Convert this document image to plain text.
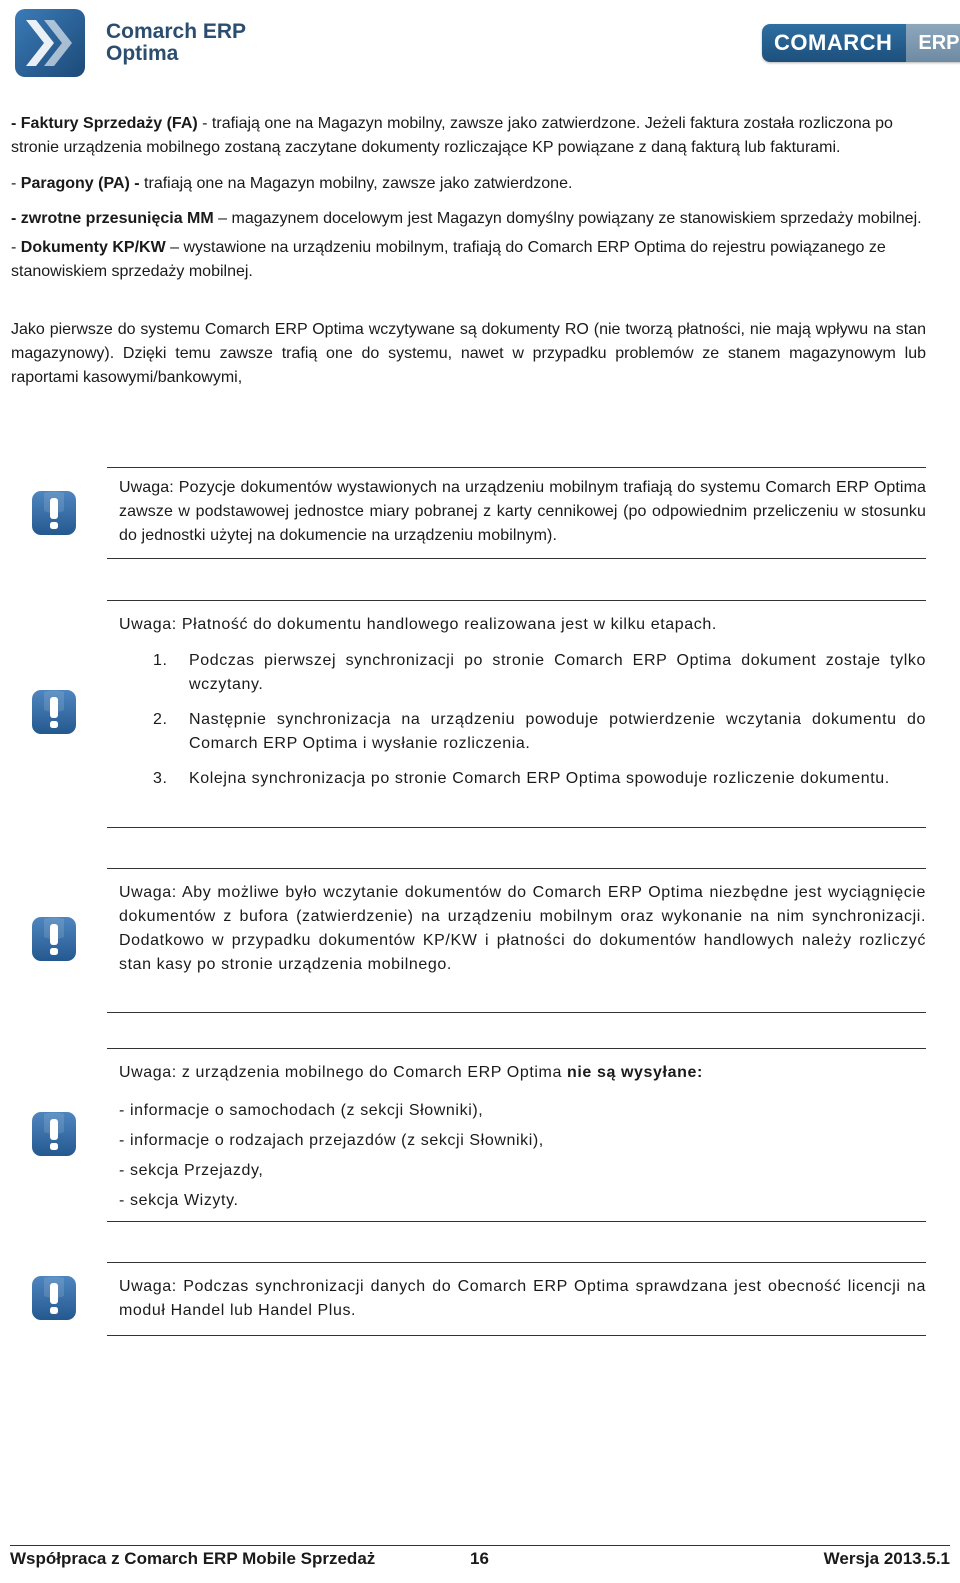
Comarch ERP
Optima	COMARCH	ERP

- Faktury Sprzedaży (FA) - trafiają one na Magazyn mobilny, zawsze jako zatwierdzone. Jeżeli faktura została rozliczona po stronie urządzenia mobilnego zostaną zaczytane dokumenty rozliczające KP powiązane z daną fakturą lub fakturami.

- Paragony (PA) - trafiają one na Magazyn mobilny, zawsze jako zatwierdzone.

- zwrotne przesunięcia MM – magazynem docelowym jest Magazyn domyślny powiązany ze stanowiskiem sprzedaży mobilnej.

- Dokumenty KP/KW – wystawione na urządzeniu mobilnym, trafiają do Comarch ERP Optima do rejestru powiązanego ze stanowiskiem sprzedaży mobilnej.

Jako pierwsze do systemu Comarch ERP Optima wczytywane są dokumenty RO (nie tworzą płatności, nie mają wpływu na stan magazynowy). Dzięki temu zawsze trafią one do systemu, nawet w przypadku problemów ze stanem magazynowym lub raportami kasowymi/bankowymi,

Uwaga: Pozycje dokumentów wystawionych na urządzeniu mobilnym trafiają do systemu Comarch ERP Optima zawsze w podstawowej jednostce miary pobranej z karty cennikowej (po odpowiednim przeliczeniu w stosunku do jednostki użytej na dokumencie na urządzeniu mobilnym).
Uwaga: Płatność do dokumentu handlowego realizowana jest w kilku etapach.
1. Podczas pierwszej synchronizacji po stronie Comarch ERP Optima dokument zostaje tylko wczytany.
2. Następnie synchronizacja na urządzeniu powoduje potwierdzenie wczytania dokumentu do Comarch ERP Optima i wysłanie rozliczenia.
3. Kolejna synchronizacja po stronie Comarch ERP Optima spowoduje rozliczenie dokumentu.
Uwaga: Aby możliwe było wczytanie dokumentów do Comarch ERP Optima niezbędne jest wyciągnięcie dokumentów z bufora (zatwierdzenie) na urządzeniu mobilnym oraz wykonanie na nim synchronizacji. Dodatkowo w przypadku dokumentów KP/KW i płatności do dokumentów handlowych należy rozliczyć stan kasy po stronie urządzenia mobilnego.
Uwaga: z urządzenia mobilnego do Comarch ERP Optima nie są wysyłane:
- informacje o samochodach (z sekcji Słowniki),
- informacje o rodzajach przejazdów (z sekcji Słowniki),
- sekcja Przejazdy,
- sekcja Wizyty.
Uwaga: Podczas synchronizacji danych do Comarch ERP Optima sprawdzana jest obecność licencji na moduł Handel lub Handel Plus.
Współpraca z Comarch ERP Mobile Sprzedaż	16	Wersja 2013.5.1
